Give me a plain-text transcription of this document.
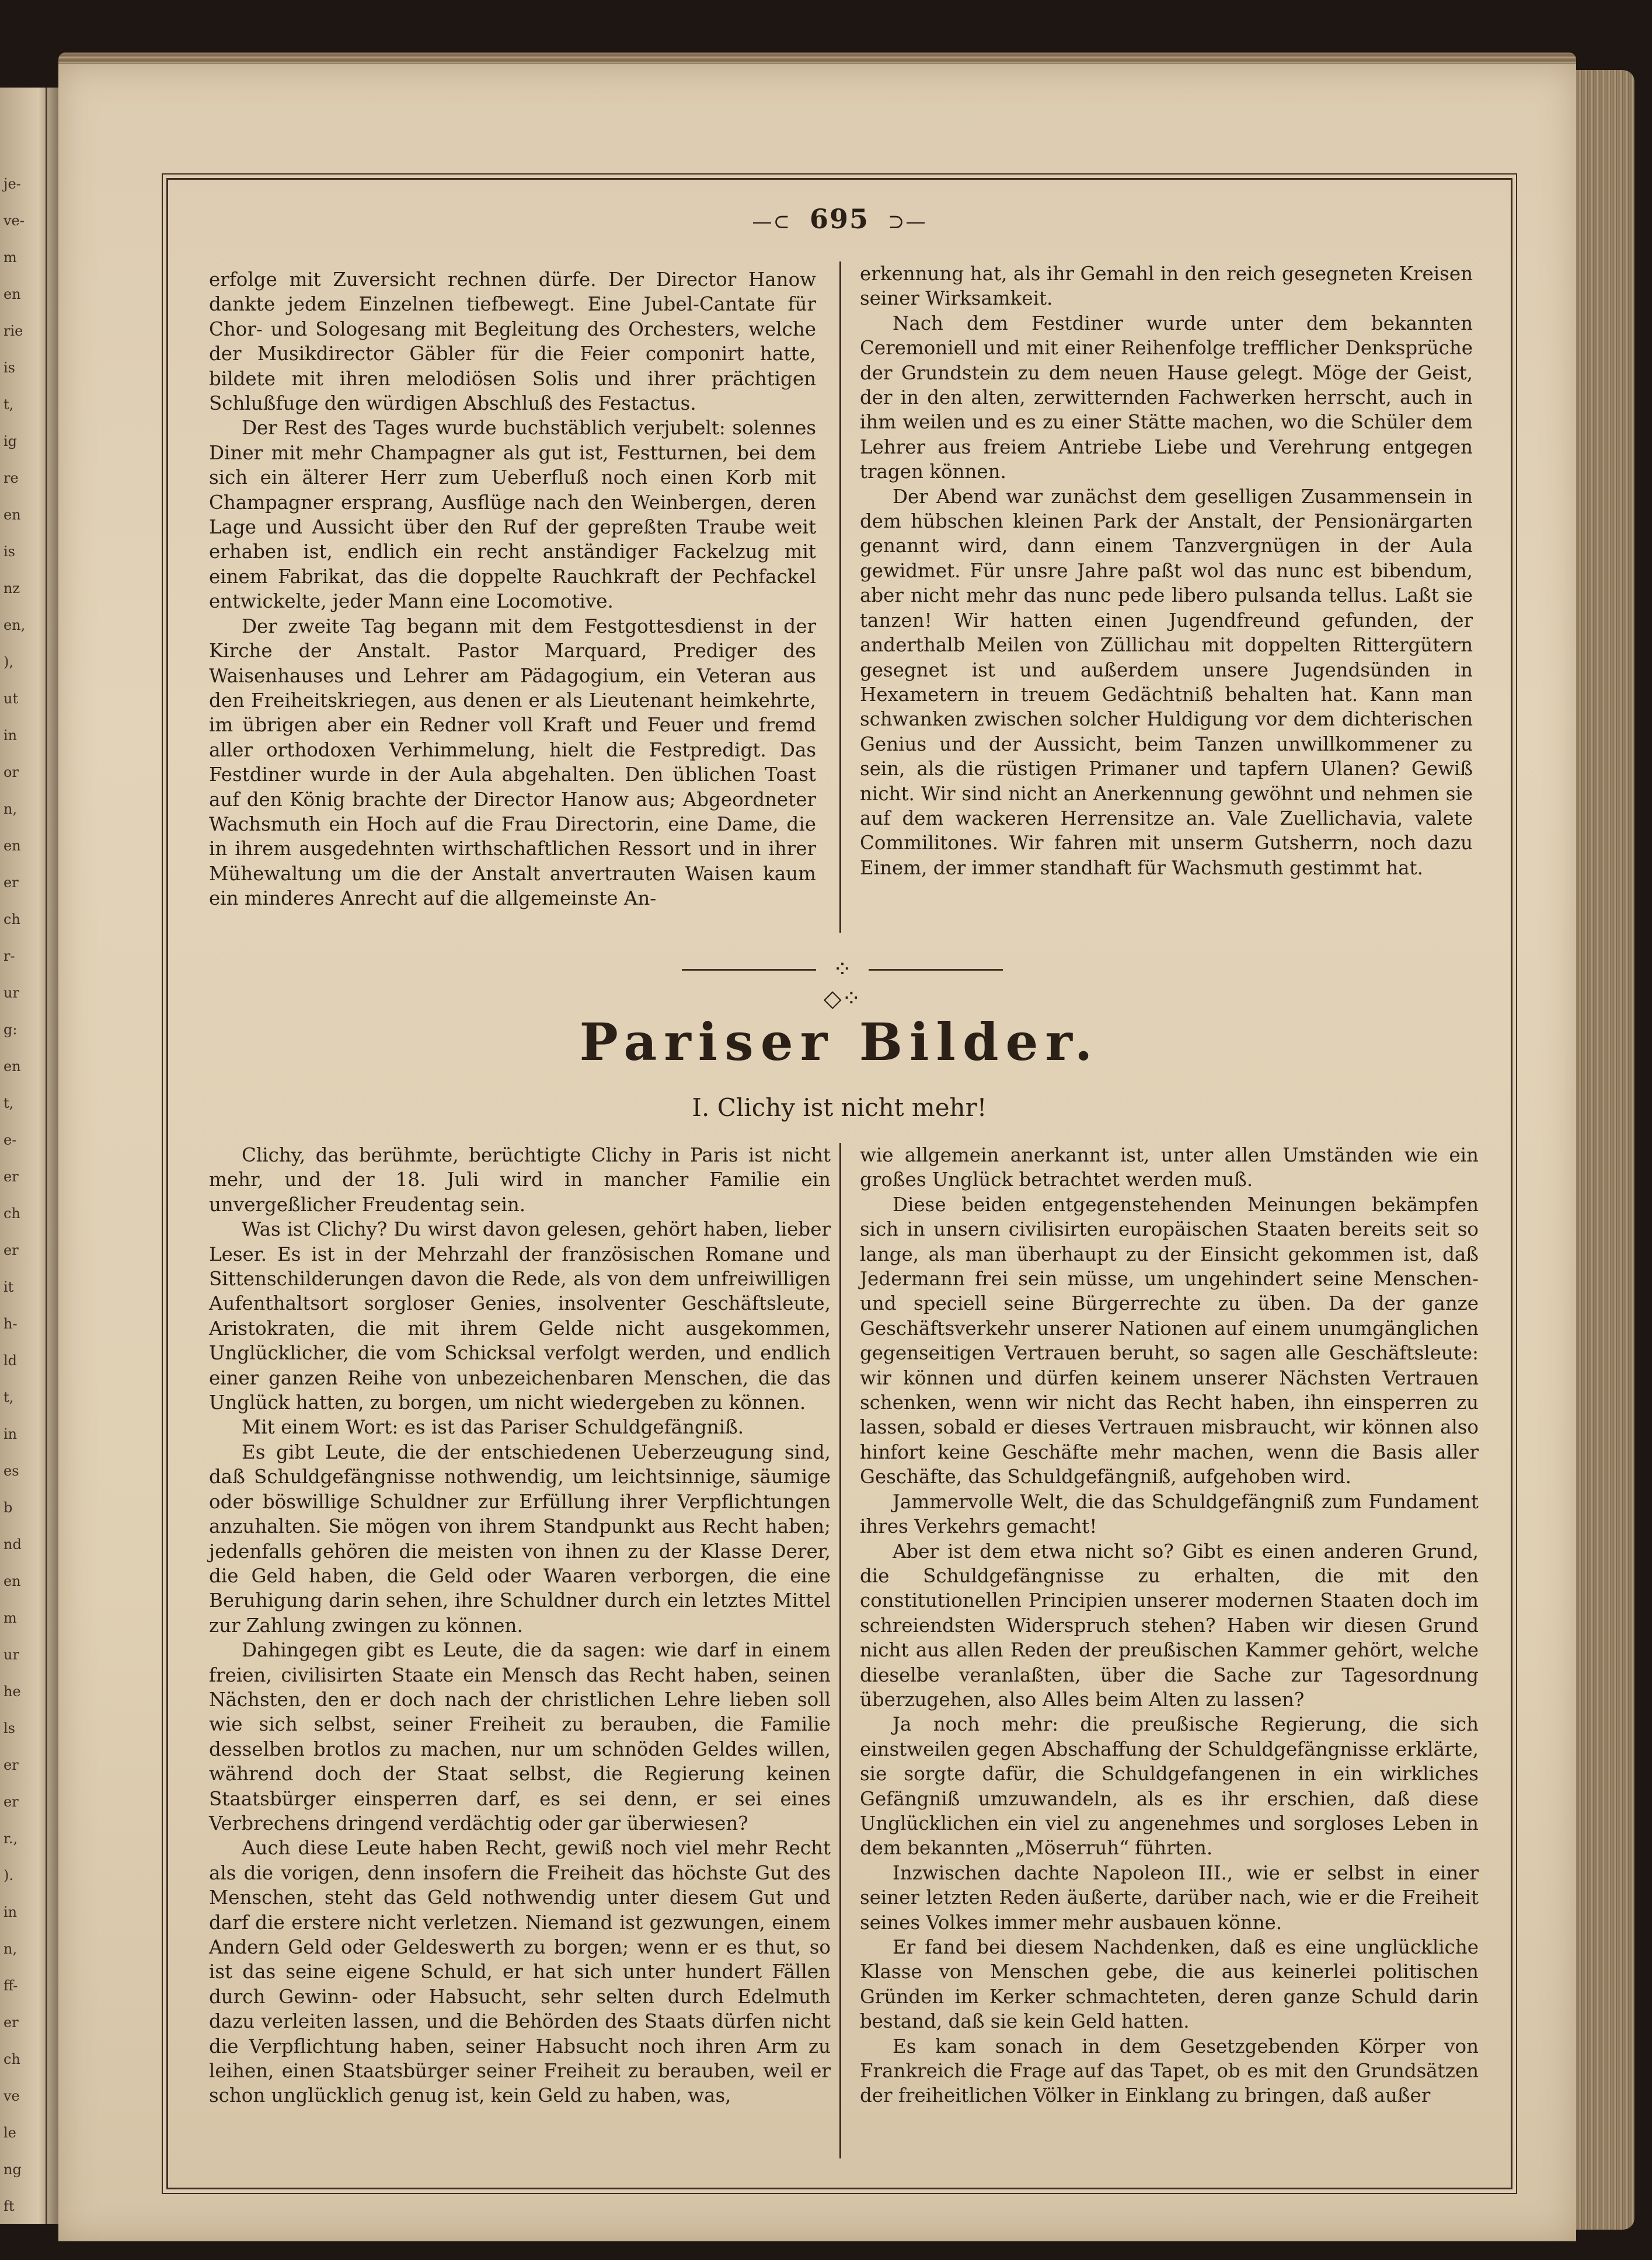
je-
ve-
m
en
rie
is
t,
ig
re
en
is
nz
en,
),
ut
in
or
n,
en
er
ch
r-
ur
g:
en
t,
e-
er
ch
er
it
h-
ld
t,
in
es
b
nd
en
m
ur
he
ls
er
er
r.,
).
in
n,
ff-
er
ch
ve
le
ng
ft
—⊂ 695 ⊃—

erfolge mit Zuversicht rechnen dürfe. Der Director Hanow dankte jedem Einzelnen tiefbewegt. Eine Jubel-Cantate für Chor- und Sologesang mit Begleitung des Orchesters, welche der Musikdirector Gäbler für die Feier componirt hatte, bildete mit ihren melodiösen Solis und ihrer prächtigen Schlußfuge den würdigen Abschluß des Festactus.

Der Rest des Tages wurde buchstäblich verjubelt: solennes Diner mit mehr Champagner als gut ist, Festturnen, bei dem sich ein älterer Herr zum Ueberfluß noch einen Korb mit Champagner ersprang, Ausflüge nach den Weinbergen, deren Lage und Aussicht über den Ruf der gepreßten Traube weit erhaben ist, endlich ein recht anständiger Fackelzug mit einem Fabrikat, das die doppelte Rauchkraft der Pechfackel entwickelte, jeder Mann eine Locomotive.

Der zweite Tag begann mit dem Festgottesdienst in der Kirche der Anstalt. Pastor Marquard, Prediger des Waisenhauses und Lehrer am Pädagogium, ein Veteran aus den Freiheitskriegen, aus denen er als Lieutenant heimkehrte, im übrigen aber ein Redner voll Kraft und Feuer und fremd aller orthodoxen Verhimmelung, hielt die Festpredigt. Das Festdiner wurde in der Aula abgehalten. Den üblichen Toast auf den König brachte der Director Hanow aus; Abgeordneter Wachsmuth ein Hoch auf die Frau Directorin, eine Dame, die in ihrem ausgedehnten wirthschaftlichen Ressort und in ihrer Mühewaltung um die der Anstalt anvertrauten Waisen kaum ein minderes Anrecht auf die allgemeinste An-

erkennung hat, als ihr Gemahl in den reich gesegneten Kreisen seiner Wirksamkeit.

Nach dem Festdiner wurde unter dem bekannten Ceremoniell und mit einer Reihenfolge trefflicher Denksprüche der Grundstein zu dem neuen Hause gelegt. Möge der Geist, der in den alten, zerwitternden Fachwerken herrscht, auch in ihm weilen und es zu einer Stätte machen, wo die Schüler dem Lehrer aus freiem Antriebe Liebe und Verehrung entgegen tragen können.

Der Abend war zunächst dem geselligen Zusammensein in dem hübschen kleinen Park der Anstalt, der Pensionärgarten genannt wird, dann einem Tanzvergnügen in der Aula gewidmet. Für unsre Jahre paßt wol das nunc est bibendum, aber nicht mehr das nunc pede libero pulsanda tellus. Laßt sie tanzen! Wir hatten einen Jugendfreund gefunden, der anderthalb Meilen von Züllichau mit doppelten Rittergütern gesegnet ist und außerdem unsere Jugendsünden in Hexametern in treuem Gedächtniß behalten hat. Kann man schwanken zwischen solcher Huldigung vor dem dichterischen Genius und der Aussicht, beim Tanzen unwillkommener zu sein, als die rüstigen Primaner und tapfern Ulanen? Gewiß nicht. Wir sind nicht an Anerkennung gewöhnt und nehmen sie auf dem wackeren Herrensitze an. Vale Zuellichavia, valete Commilitones. Wir fahren mit unserm Gutsherrn, noch dazu Einem, der immer standhaft für Wachsmuth gestimmt hat.

⁘◇⁘
Pariser Bilder.
I. Clichy ist nicht mehr!

Clichy, das berühmte, berüchtigte Clichy in Paris ist nicht mehr, und der 18. Juli wird in mancher Familie ein unvergeßlicher Freudentag sein.

Was ist Clichy? Du wirst davon gelesen, gehört haben, lieber Leser. Es ist in der Mehrzahl der französischen Romane und Sittenschilderungen davon die Rede, als von dem unfreiwilligen Aufenthaltsort sorgloser Genies, insolventer Geschäftsleute, Aristokraten, die mit ihrem Gelde nicht ausgekommen, Unglücklicher, die vom Schicksal verfolgt werden, und endlich einer ganzen Reihe von unbezeichenbaren Menschen, die das Unglück hatten, zu borgen, um nicht wiedergeben zu können.

Mit einem Wort: es ist das Pariser Schuldgefängniß.

Es gibt Leute, die der entschiedenen Ueberzeugung sind, daß Schuldgefängnisse nothwendig, um leichtsinnige, säumige oder böswillige Schuldner zur Erfüllung ihrer Verpflichtungen anzuhalten. Sie mögen von ihrem Standpunkt aus Recht haben; jedenfalls gehören die meisten von ihnen zu der Klasse Derer, die Geld haben, die Geld oder Waaren verborgen, die eine Beruhigung darin sehen, ihre Schuldner durch ein letztes Mittel zur Zahlung zwingen zu können.

Dahingegen gibt es Leute, die da sagen: wie darf in einem freien, civilisirten Staate ein Mensch das Recht haben, seinen Nächsten, den er doch nach der christlichen Lehre lieben soll wie sich selbst, seiner Freiheit zu berauben, die Familie desselben brotlos zu machen, nur um schnöden Geldes willen, während doch der Staat selbst, die Regierung keinen Staatsbürger einsperren darf, es sei denn, er sei eines Verbrechens dringend verdächtig oder gar überwiesen?

Auch diese Leute haben Recht, gewiß noch viel mehr Recht als die vorigen, denn insofern die Freiheit das höchste Gut des Menschen, steht das Geld nothwendig unter diesem Gut und darf die erstere nicht verletzen. Niemand ist gezwungen, einem Andern Geld oder Geldeswerth zu borgen; wenn er es thut, so ist das seine eigene Schuld, er hat sich unter hundert Fällen durch Gewinn- oder Habsucht, sehr selten durch Edelmuth dazu verleiten lassen, und die Behörden des Staats dürfen nicht die Verpflichtung haben, seiner Habsucht noch ihren Arm zu leihen, einen Staatsbürger seiner Freiheit zu berauben, weil er schon unglücklich genug ist, kein Geld zu haben, was,

wie allgemein anerkannt ist, unter allen Umständen wie ein großes Unglück betrachtet werden muß.

Diese beiden entgegenstehenden Meinungen bekämpfen sich in unsern civilisirten europäischen Staaten bereits seit so lange, als man überhaupt zu der Einsicht gekommen ist, daß Jedermann frei sein müsse, um ungehindert seine Menschen- und speciell seine Bürgerrechte zu üben. Da der ganze Geschäftsverkehr unserer Nationen auf einem unumgänglichen gegenseitigen Vertrauen beruht, so sagen alle Geschäftsleute: wir können und dürfen keinem unserer Nächsten Vertrauen schenken, wenn wir nicht das Recht haben, ihn einsperren zu lassen, sobald er dieses Vertrauen misbraucht, wir können also hinfort keine Geschäfte mehr machen, wenn die Basis aller Geschäfte, das Schuldgefängniß, aufgehoben wird.

Jammervolle Welt, die das Schuldgefängniß zum Fundament ihres Verkehrs gemacht!

Aber ist dem etwa nicht so? Gibt es einen anderen Grund, die Schuldgefängnisse zu erhalten, die mit den constitutionellen Principien unserer modernen Staaten doch im schreiendsten Widerspruch stehen? Haben wir diesen Grund nicht aus allen Reden der preußischen Kammer gehört, welche dieselbe veranlaßten, über die Sache zur Tagesordnung überzugehen, also Alles beim Alten zu lassen?

Ja noch mehr: die preußische Regierung, die sich einstweilen gegen Abschaffung der Schuldgefängnisse erklärte, sie sorgte dafür, die Schuldgefangenen in ein wirkliches Gefängniß umzuwandeln, als es ihr erschien, daß diese Unglücklichen ein viel zu angenehmes und sorgloses Leben in dem bekannten „Möserruh“ führten.

Inzwischen dachte Napoleon III., wie er selbst in einer seiner letzten Reden äußerte, darüber nach, wie er die Freiheit seines Volkes immer mehr ausbauen könne.

Er fand bei diesem Nachdenken, daß es eine unglückliche Klasse von Menschen gebe, die aus keinerlei politischen Gründen im Kerker schmachteten, deren ganze Schuld darin bestand, daß sie kein Geld hatten.

Es kam sonach in dem Gesetzgebenden Körper von Frankreich die Frage auf das Tapet, ob es mit den Grundsätzen der freiheitlichen Völker in Einklang zu bringen, daß außer
